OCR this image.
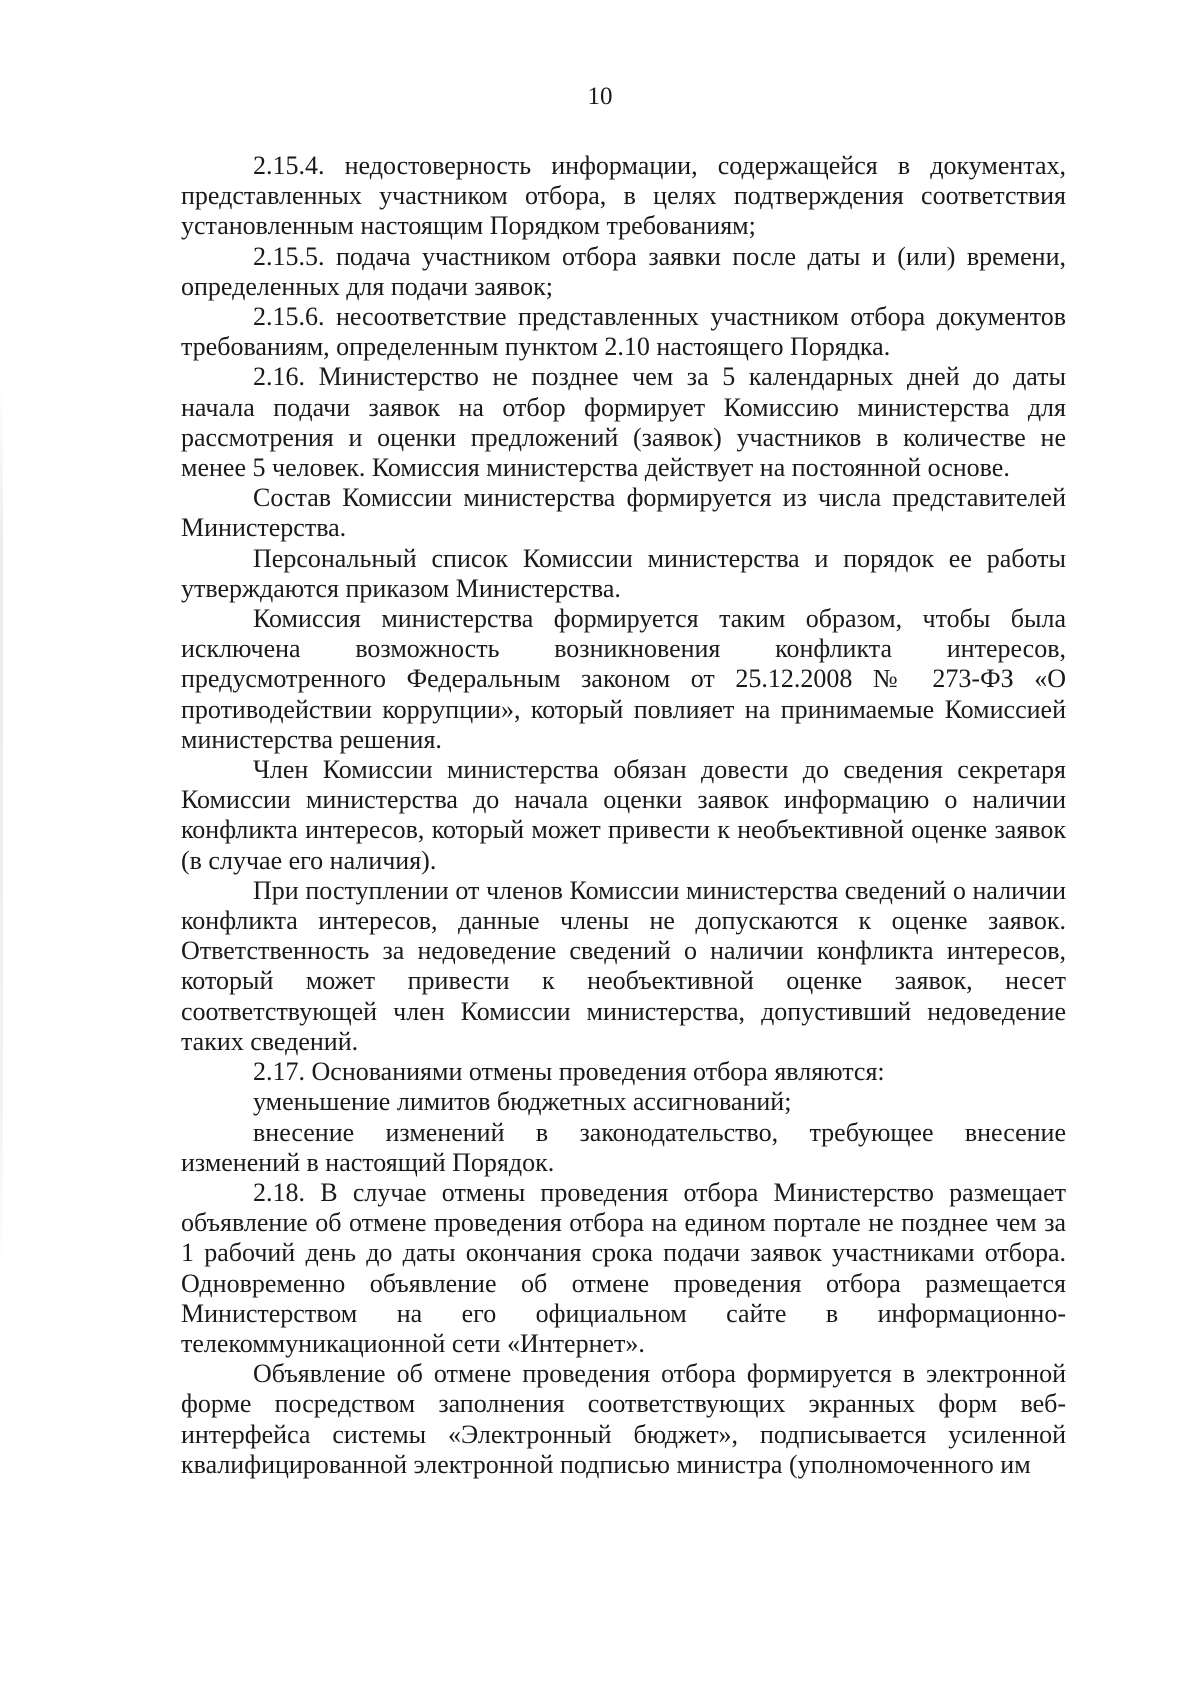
10

2.15.4. недостоверность информации, содержащейся в документах, представленных участником отбора, в целях подтверждения соответствия установленным настоящим Порядком требованиям;

2.15.5. подача участником отбора заявки после даты и (или) времени, определенных для подачи заявок;

2.15.6. несоответствие представленных участником отбора документов требованиям, определенным пунктом 2.10 настоящего Порядка.

2.16. Министерство не позднее чем за 5 календарных дней до даты начала подачи заявок на отбор формирует Комиссию министерства для рассмотрения и оценки предложений (заявок) участников в количестве не менее 5 человек. Комиссия министерства действует на постоянной основе.

Состав Комиссии министерства формируется из числа представителей Министерства.

Персональный список Комиссии министерства и порядок ее работы утверждаются приказом Министерства.

Комиссия министерства формируется таким образом, чтобы была исключена возможность возникновения конфликта интересов, предусмотренного Федеральным законом от 25.12.2008 № 273-ФЗ «О противодействии коррупции», который повлияет на принимаемые Комиссией министерства решения.

Член Комиссии министерства обязан довести до сведения секретаря Комиссии министерства до начала оценки заявок информацию о наличии конфликта интересов, который может привести к необъективной оценке заявок (в случае его наличия).

При поступлении от членов Комиссии министерства сведений о наличии конфликта интересов, данные члены не допускаются к оценке заявок. Ответственность за недоведение сведений о наличии конфликта интересов, который может привести к необъективной оценке заявок, несет соответствующей член Комиссии министерства, допустивший недоведение таких сведений.

2.17. Основаниями отмены проведения отбора являются:

уменьшение лимитов бюджетных ассигнований;

внесение изменений в законодательство, требующее внесение изменений в настоящий Порядок.

2.18. В случае отмены проведения отбора Министерство размещает объявление об отмене проведения отбора на едином портале не позднее чем за 1 рабочий день до даты окончания срока подачи заявок участниками отбора. Одновременно объявление об отмене проведения отбора размещается Министерством на его официальном сайте в информационно-телекоммуникационной сети «Интернет».

Объявление об отмене проведения отбора формируется в электронной форме посредством заполнения соответствующих экранных форм веб-интерфейса системы «Электронный бюджет», подписывается усиленной квалифицированной электронной подписью министра (уполномоченного им
